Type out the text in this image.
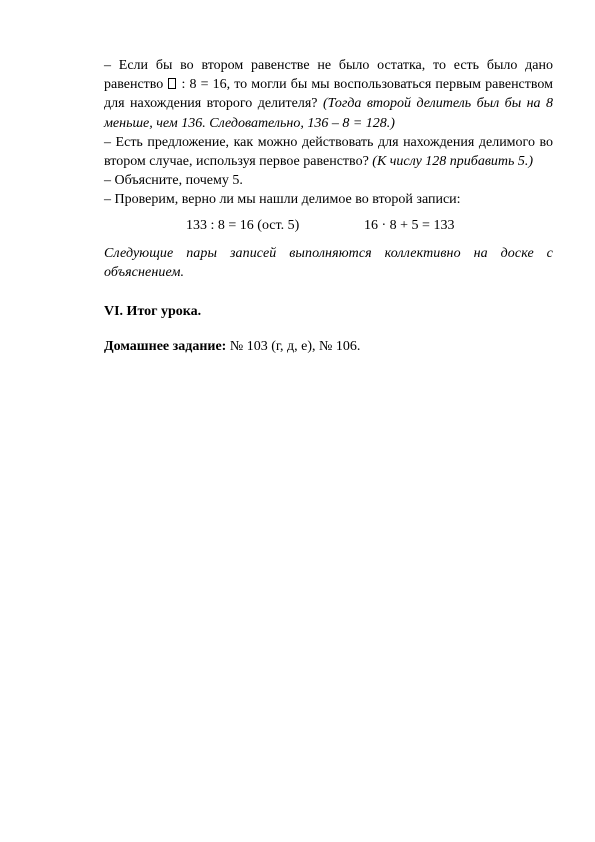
– Если бы во втором равенстве не было остатка, то есть было дано равенство  : 8 = 16, то могли бы мы воспользоваться первым равенством для нахождения второго делителя? (Тогда второй делитель был бы на 8 меньше, чем 136. Следовательно, 136 – 8 = 128.)

– Есть предложение, как можно действовать для нахождения делимого во втором случае, используя первое равенство? (К числу 128 прибавить 5.)

– Объясните, почему 5.

– Проверим, верно ли мы нашли делимое во второй записи:

133 : 8 = 16 (ост. 5)	16 · 8 + 5 = 133

Следующие пары записей выполняются коллективно на доске с объяснением.

VI. Итог урока.

Домашнее задание: № 103 (г, д, е), № 106.
